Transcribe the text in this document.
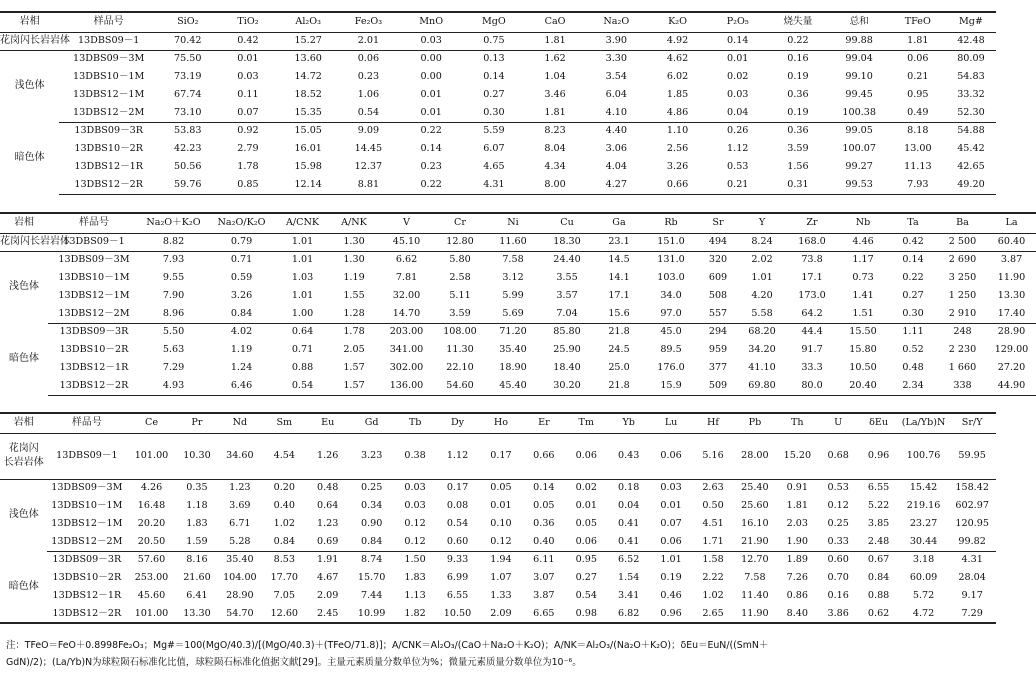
岩相	样品号	SiO₂	TiO₂	Al₂O₃	Fe₂O₃	MnO	MgO	CaO	Na₂O	K₂O	P₂O₅	烧失量	总和	TFeO	Mg#
花岗闪长岩岩体	13DBS09－1	70.42	0.42	15.27	2.01	0.03	0.75	1.81	3.90	4.92	0.14	0.22	99.88	1.81	42.48
浅色体	13DBS09－3M	75.50	0.01	13.60	0.06	0.00	0.13	1.62	3.30	4.62	0.01	0.16	99.04	0.06	80.09
	13DBS10－1M	73.19	0.03	14.72	0.23	0.00	0.14	1.04	3.54	6.02	0.02	0.19	99.10	0.21	54.83
	13DBS12－1M	67.74	0.11	18.52	1.06	0.01	0.27	3.46	6.04	1.85	0.03	0.36	99.45	0.95	33.32
	13DBS12－2M	73.10	0.07	15.35	0.54	0.01	0.30	1.81	4.10	4.86	0.04	0.19	100.38	0.49	52.30
暗色体	13DBS09－3R	53.83	0.92	15.05	9.09	0.22	5.59	8.23	4.40	1.10	0.26	0.36	99.05	8.18	54.88
	13DBS10－2R	42.23	2.79	16.01	14.45	0.14	6.07	8.04	3.06	2.56	1.12	3.59	100.07	13.00	45.42
	13DBS12－1R	50.56	1.78	15.98	12.37	0.23	4.65	4.34	4.04	3.26	0.53	1.56	99.27	11.13	42.65
	13DBS12－2R	59.76	0.85	12.14	8.81	0.22	4.31	8.00	4.27	0.66	0.21	0.31	99.53	7.93	49.20
岩相	样品号	Na₂O＋K₂O	Na₂O/K₂O	A/CNK	A/NK	V	Cr	Ni	Cu	Ga	Rb	Sr	Y	Zr	Nb	Ta	Ba	La
花岗闪长岩岩体	13DBS09－1	8.82	0.79	1.01	1.30	45.10	12.80	11.60	18.30	23.1	151.0	494	8.24	168.0	4.46	0.42	2 500	60.40
浅色体	13DBS09－3M	7.93	0.71	1.01	1.30	6.62	5.80	7.58	24.40	14.5	131.0	320	2.02	73.8	1.17	0.14	2 690	3.87
	13DBS10－1M	9.55	0.59	1.03	1.19	7.81	2.58	3.12	3.55	14.1	103.0	609	1.01	17.1	0.73	0.22	3 250	11.90
	13DBS12－1M	7.90	3.26	1.01	1.55	32.00	5.11	5.99	3.57	17.1	34.0	508	4.20	173.0	1.41	0.27	1 250	13.30
	13DBS12－2M	8.96	0.84	1.00	1.28	14.70	3.59	5.69	7.04	15.6	97.0	557	5.58	64.2	1.51	0.30	2 910	17.40
暗色体	13DBS09－3R	5.50	4.02	0.64	1.78	203.00	108.00	71.20	85.80	21.8	45.0	294	68.20	44.4	15.50	1.11	248	28.90
	13DBS10－2R	5.63	1.19	0.71	2.05	341.00	11.30	35.40	25.90	24.5	89.5	959	34.20	91.7	15.80	0.52	2 230	129.00
	13DBS12－1R	7.29	1.24	0.88	1.57	302.00	22.10	18.90	18.40	25.0	176.0	377	41.10	33.3	10.50	0.48	1 660	27.20
	13DBS12－2R	4.93	6.46	0.54	1.57	136.00	54.60	45.40	30.20	21.8	15.9	509	69.80	80.0	20.40	2.34	338	44.90
岩相	样品号	Ce	Pr	Nd	Sm	Eu	Gd	Tb	Dy	Ho	Er	Tm	Yb	Lu	Hf	Pb	Th	U	δEu	(La/Yb)N	Sr/Y

花岗闪
长岩岩体	13DBS09－1	101.00	10.30	34.60	4.54	1.26	3.23	0.38	1.12	0.17	0.66	0.06	0.43	0.06	5.16	28.00	15.20	0.68	0.96	100.76	59.95
浅色体	13DBS09－3M	4.26	0.35	1.23	0.20	0.48	0.25	0.03	0.17	0.05	0.14	0.02	0.18	0.03	2.63	25.40	0.91	0.53	6.55	15.42	158.42
	13DBS10－1M	16.48	1.18	3.69	0.40	0.64	0.34	0.03	0.08	0.01	0.05	0.01	0.04	0.01	0.50	25.60	1.81	0.12	5.22	219.16	602.97
	13DBS12－1M	20.20	1.83	6.71	1.02	1.23	0.90	0.12	0.54	0.10	0.36	0.05	0.41	0.07	4.51	16.10	2.03	0.25	3.85	23.27	120.95
	13DBS12－2M	20.50	1.59	5.28	0.84	0.69	0.84	0.12	0.60	0.12	0.40	0.06	0.41	0.06	1.71	21.90	1.90	0.33	2.48	30.44	99.82
暗色体	13DBS09－3R	57.60	8.16	35.40	8.53	1.91	8.74	1.50	9.33	1.94	6.11	0.95	6.52	1.01	1.58	12.70	1.89	0.60	0.67	3.18	4.31
	13DBS10－2R	253.00	21.60	104.00	17.70	4.67	15.70	1.83	6.99	1.07	3.07	0.27	1.54	0.19	2.22	7.58	7.26	0.70	0.84	60.09	28.04
	13DBS12－1R	45.60	6.41	28.90	7.05	2.09	7.44	1.13	6.55	1.33	3.87	0.54	3.41	0.46	1.02	11.40	0.86	0.16	0.88	5.72	9.17
	13DBS12－2R	101.00	13.30	54.70	12.60	2.45	10.99	1.82	10.50	2.09	6.65	0.98	6.82	0.96	2.65	11.90	8.40	3.86	0.62	4.72	7.29

注：TFeO＝FeO＋0.8998Fe₂O₃；Mg#＝100(MgO/40.3)/[(MgO/40.3)＋(TFeO/71.8)]；A/CNK＝Al₂O₃/(CaO＋Na₂O＋K₂O)；A/NK＝Al₂O₃/(Na₂O＋K₂O)；δEu＝EuN/((SmN＋

GdN)/2)；(La/Yb)N为球粒陨石标准化比值，球粒陨石标准化值据文献[29]。主量元素质量分数单位为%；微量元素质量分数单位为10⁻⁶。
